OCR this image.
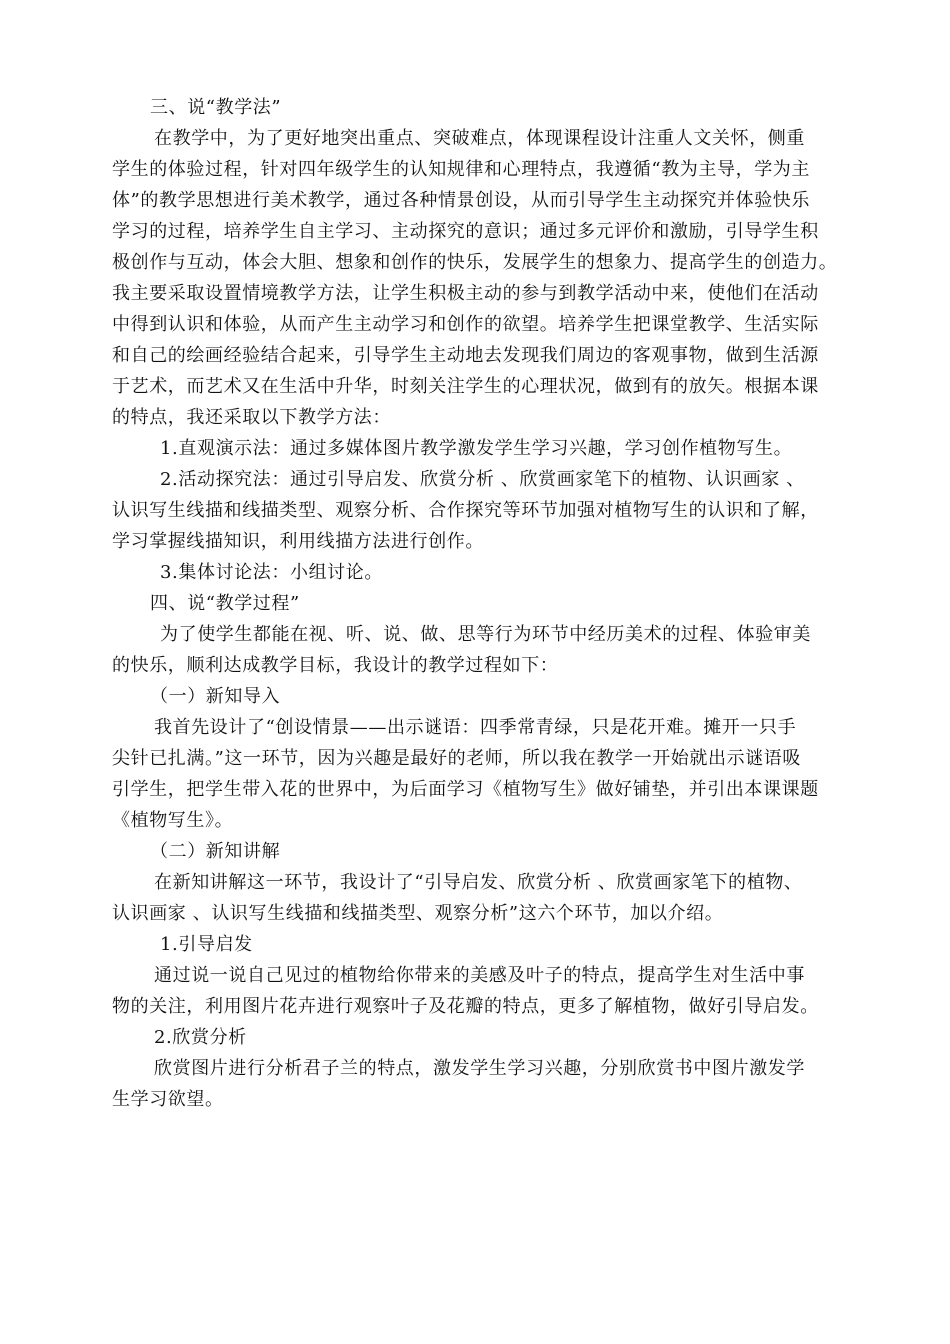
三、说“教学法”
在教学中，为了更好地突出重点、突破难点，体现课程设计注重人文关怀，侧重
学生的体验过程，针对四年级学生的认知规律和心理特点，我遵循“教为主导，学为主
体”的教学思想进行美术教学，通过各种情景创设，从而引导学生主动探究并体验快乐
学习的过程，培养学生自主学习、主动探究的意识；通过多元评价和激励，引导学生积
极创作与互动，体会大胆、想象和创作的快乐，发展学生的想象力、提高学生的创造力。
我主要采取设置情境教学方法，让学生积极主动的参与到教学活动中来，使他们在活动
中得到认识和体验，从而产生主动学习和创作的欲望。培养学生把课堂教学、生活实际
和自己的绘画经验结合起来，引导学生主动地去发现我们周边的客观事物，做到生活源
于艺术，而艺术又在生活中升华，时刻关注学生的心理状况，做到有的放矢。根据本课
的特点，我还采取以下教学方法：
1.直观演示法：通过多媒体图片教学激发学生学习兴趣，学习创作植物写生。
2.活动探究法：通过引导启发、欣赏分析 、欣赏画家笔下的植物、认识画家 、
认识写生线描和线描类型、观察分析、合作探究等环节加强对植物写生的认识和了解，
学习掌握线描知识，利用线描方法进行创作。
3.集体讨论法：小组讨论。
四、说“教学过程”
为了使学生都能在视、听、说、做、思等行为环节中经历美术的过程、体验审美
的快乐，顺利达成教学目标，我设计的教学过程如下：
（一）新知导入
我首先设计了“创设情景——出示谜语：四季常青绿，只是花开难。摊开一只手
尖针已扎满。”这一环节，因为兴趣是最好的老师，所以我在教学一开始就出示谜语吸
引学生，把学生带入花的世界中，为后面学习《植物写生》做好铺垫，并引出本课课题
《植物写生》。
（二）新知讲解
在新知讲解这一环节，我设计了“引导启发、欣赏分析 、欣赏画家笔下的植物、
认识画家 、认识写生线描和线描类型、观察分析”这六个环节，加以介绍。
1.引导启发
通过说一说自己见过的植物给你带来的美感及叶子的特点，提高学生对生活中事
物的关注，利用图片花卉进行观察叶子及花瓣的特点，更多了解植物，做好引导启发。
2.欣赏分析
欣赏图片进行分析君子兰的特点，激发学生学习兴趣，分别欣赏书中图片激发学
生学习欲望。
